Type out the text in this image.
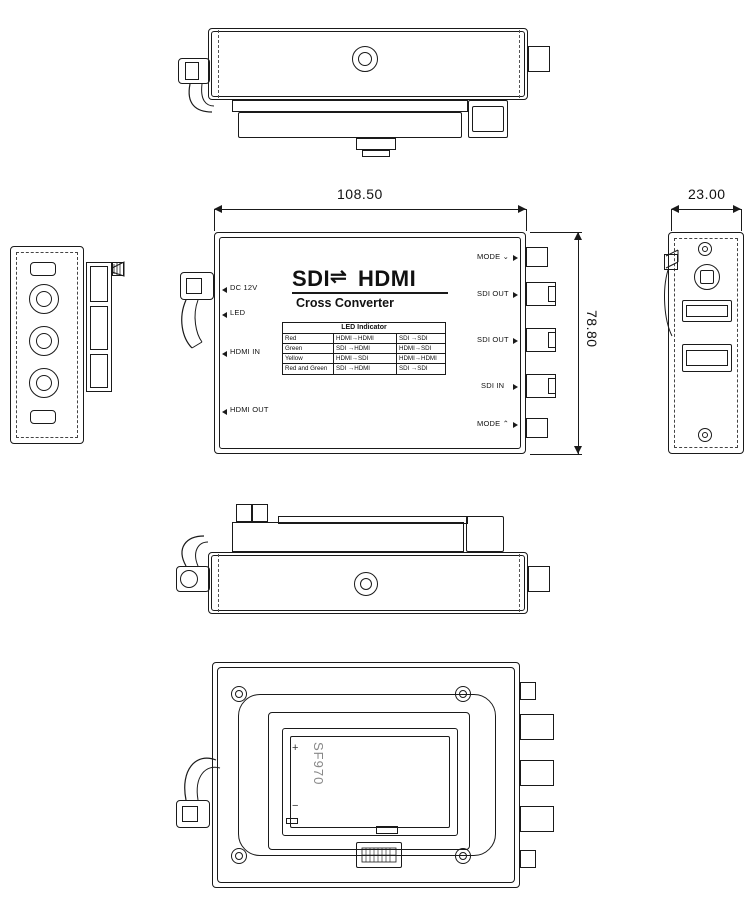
108.50	23.00
78.80
SDI ⇌ HDMI
Cross Converter
LED Indicator		
Red	HDMI→HDMI	SDI →SDI
Green	SDI →HDMI	HDMI→SDI
Yellow	HDMI→SDI	HDMI→HDMI
Red and Green	SDI →HDMI	SDI →SDI
DC 12V
LED
HDMI IN
HDMI OUT
MODE ⌄
SDI OUT
SDI OUT
SDI IN
MODE ⌃
+
−
SF970
